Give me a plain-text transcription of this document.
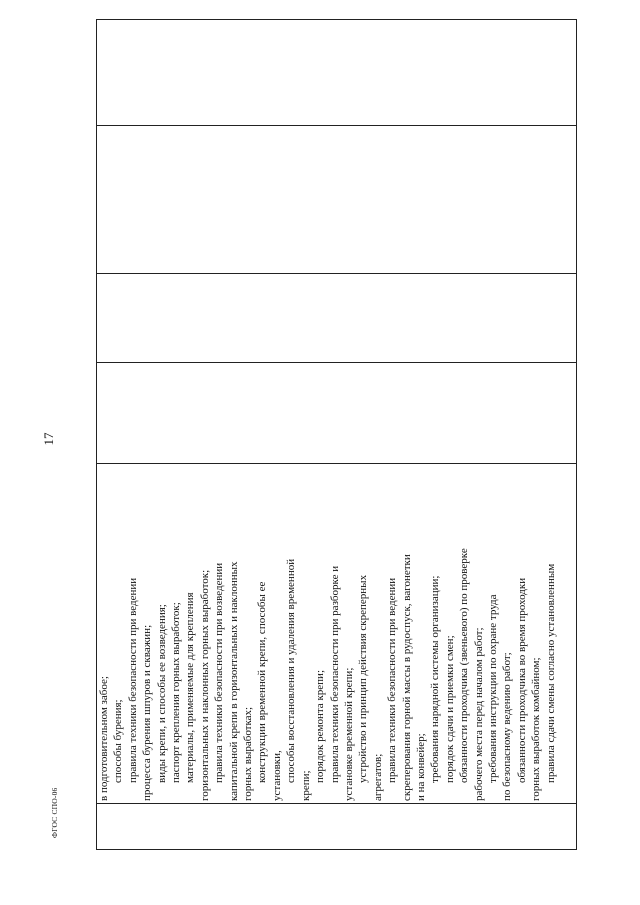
17
ФГОС СПО-06

в подготовительном забое; способы бурения; правила техники безопасности при ведении процесса бурения шпуров и скважин; виды крепи, и способы ее возведения; паспорт крепления горных выработок; материалы, применяемые для крепления горизонтальных и наклонных горных выработок; правила техники безопасности при возведении капитальной крепи в горизонтальных и наклонных горных выработках; конструкции временной крепи, способы ее установки, способы восстановления и удаления временной
крепи;
порядок ремонта крепи; правила техники безопасности при разборке и установке временной крепи; устройство и принцип действия скреперных агрегатов; правила техники безопасности при ведении скреперования горной массы в рудоспуск, вагонетки и на конвейер; требования нарядной системы организации; порядок сдачи и приемки смен; обязанности проходчика (звеньевого) по проверке рабочего места перед началом работ; требования инструкции по охране труда по безопасному ведению работ; обязанности проходчика во время проходки горных выработок комбайном; правила сдачи смены согласно установленным
